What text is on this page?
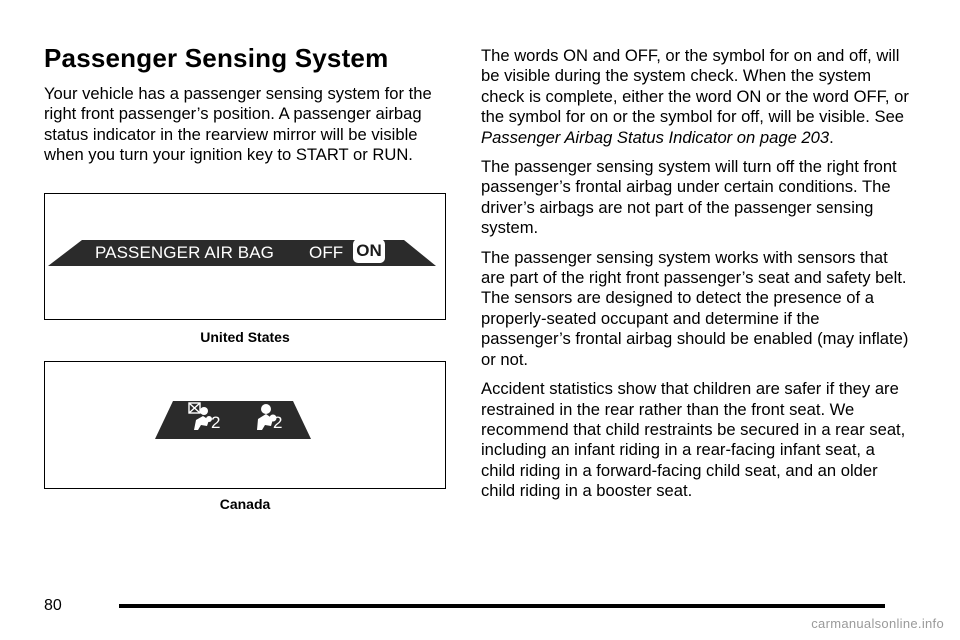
Passenger Sensing System

Your vehicle has a passenger sensing system for the right front passenger’s position. A passenger airbag status indicator in the rearview mirror will be visible when you turn your ignition key to START or RUN.

PASSENGER AIR BAG OFF ON
United States
2	2
Canada

The words ON and OFF, or the symbol for on and off, will be visible during the system check. When the system check is complete, either the word ON or the word OFF, or the symbol for on or the symbol for off, will be visible. See Passenger Airbag Status Indicator on page 203.

The passenger sensing system will turn off the right front passenger’s frontal airbag under certain conditions. The driver’s airbags are not part of the passenger sensing system.

The passenger sensing system works with sensors that are part of the right front passenger’s seat and safety belt. The sensors are designed to detect the presence of a properly-seated occupant and determine if the passenger’s frontal airbag should be enabled (may inflate) or not.

Accident statistics show that children are safer if they are restrained in the rear rather than the front seat. We recommend that child restraints be secured in a rear seat, including an infant riding in a rear-facing infant seat, a child riding in a forward-facing child seat, and an older child riding in a booster seat.

80
carmanualsonline.info
